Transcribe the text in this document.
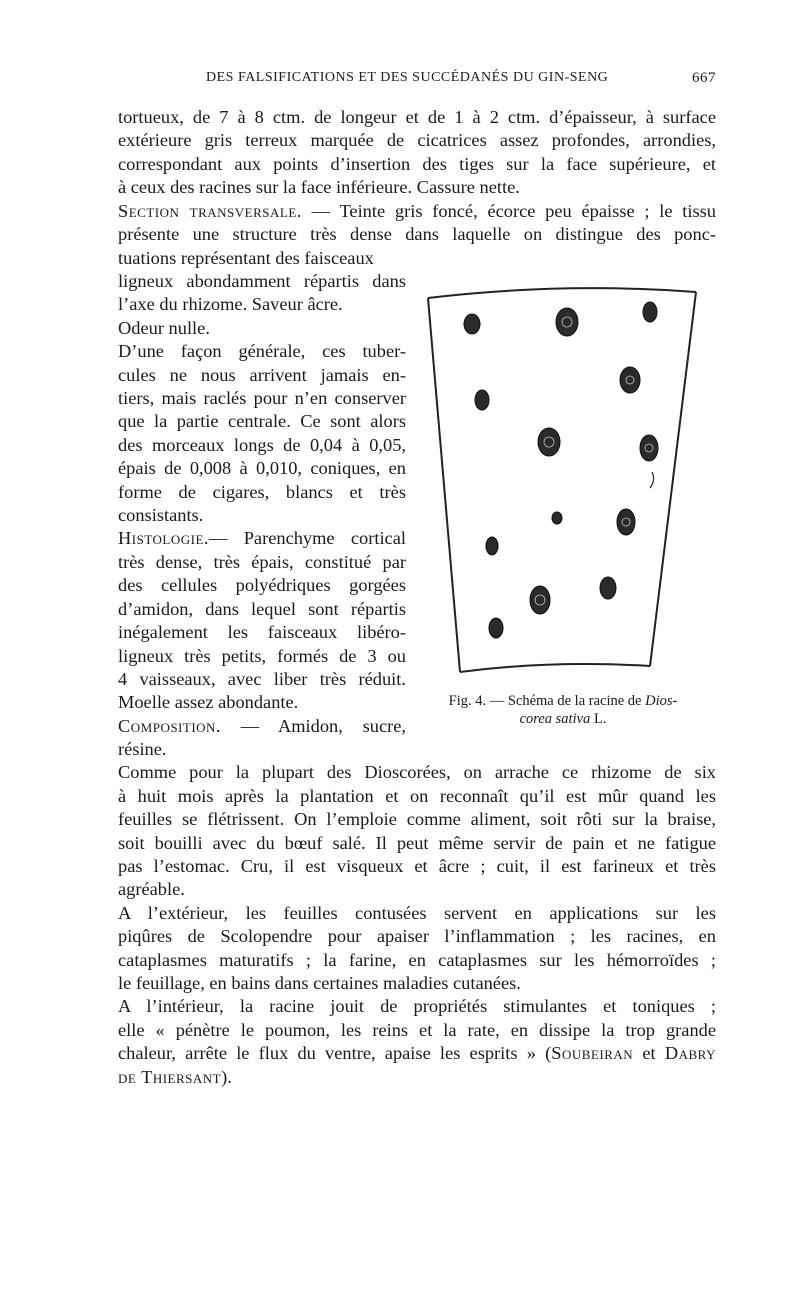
DES FALSIFICATIONS ET DES SUCCÉDANÉS DU GIN-SENG	667
tortueux, de 7 à 8 ctm. de longeur et de 1 à 2 ctm. d’épaisseur, à surface
extérieure gris terreux marquée de cicatrices assez profondes, arrondies,
correspondant aux points d’insertion des tiges sur la face supérieure, et
à ceux des racines sur la face inférieure. Cassure nette.
Section transversale. — Teinte gris foncé, écorce peu épaisse ; le tissu
présente une structure très dense dans laquelle on distingue des ponc-
tuations représentant des faisceaux
ligneux abondamment répartis dans
l’axe du rhizome. Saveur âcre.
Odeur nulle.
D’une façon générale, ces tuber-
cules ne nous arrivent jamais en-
tiers, mais raclés pour n’en conserver
que la partie centrale. Ce sont alors
des morceaux longs de 0,04 à 0,05,
épais de 0,008 à 0,010, coniques, en
forme de cigares, blancs et très
consistants.
Histologie.— Parenchyme cortical
très dense, très épais, constitué par
des cellules polyédriques gorgées
d’amidon, dans lequel sont répartis
inégalement les faisceaux libéro-
ligneux très petits, formés de 3 ou
4 vaisseaux, avec liber très réduit.
Moelle assez abondante.
Composition. — Amidon, sucre,
Fig. 4. — Schéma de la racine de Dios-
corea sativa L.
résine.
Comme pour la plupart des Dioscorées, on arrache ce rhizome de six
à huit mois après la plantation et on reconnaît qu’il est mûr quand les
feuilles se flétrissent. On l’emploie comme aliment, soit rôti sur la braise,
soit bouilli avec du bœuf salé. Il peut même servir de pain et ne fatigue
pas l’estomac. Cru, il est visqueux et âcre ; cuit, il est farineux et très
agréable.
A l’extérieur, les feuilles contusées servent en applications sur les
piqûres de Scolopendre pour apaiser l’inflammation ; les racines, en
cataplasmes maturatifs ; la farine, en cataplasmes sur les hémorroïdes ;
le feuillage, en bains dans certaines maladies cutanées.
A l’intérieur, la racine jouit de propriétés stimulantes et toniques ;
elle « pénètre le poumon, les reins et la rate, en dissipe la trop grande
chaleur, arrête le flux du ventre, apaise les esprits » (Soubeiran et Dabry
de Thiersant).
